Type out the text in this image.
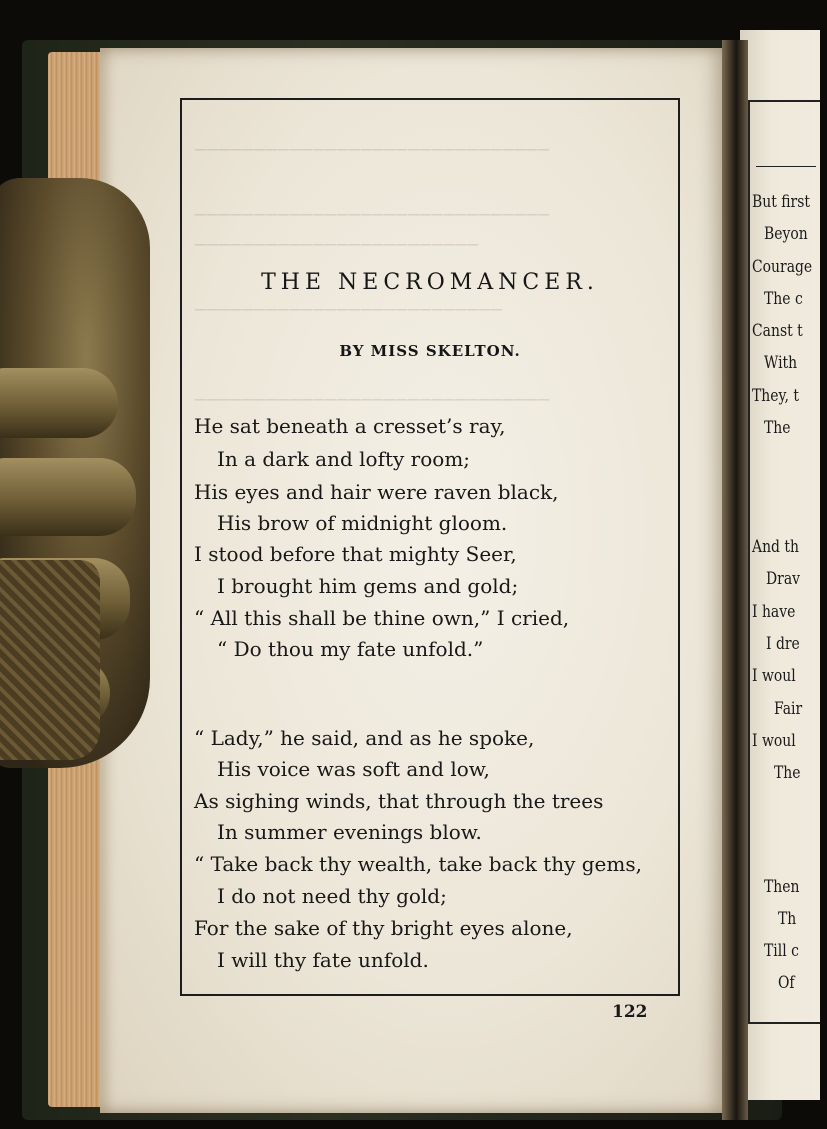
──────────────────────────────
──────────────────────────────
────────────────────────
──────────────────────────
──────────────────────────────
THE NECROMANCER.
BY MISS SKELTON.
He sat beneath a cresset’s ray,
In a dark and lofty room;
His eyes and hair were raven black,
His brow of midnight gloom.
I stood before that mighty Seer,
I brought him gems and gold;
“ All this shall be thine own,” I cried,
“ Do thou my fate unfold.”
“ Lady,” he said, and as he spoke,
His voice was soft and low,
As sighing winds, that through the trees
In summer evenings blow.
“ Take back thy wealth, take back thy gems,
I do not need thy gold;
For the sake of thy bright eyes alone,
I will thy fate unfold.
122
But first
Beyon
Courage
The c
Canst t
With
They, t
The
And th
Drav
I have
I dre
I woul
Fair
I woul
The
Then
Th
Till c
Of
